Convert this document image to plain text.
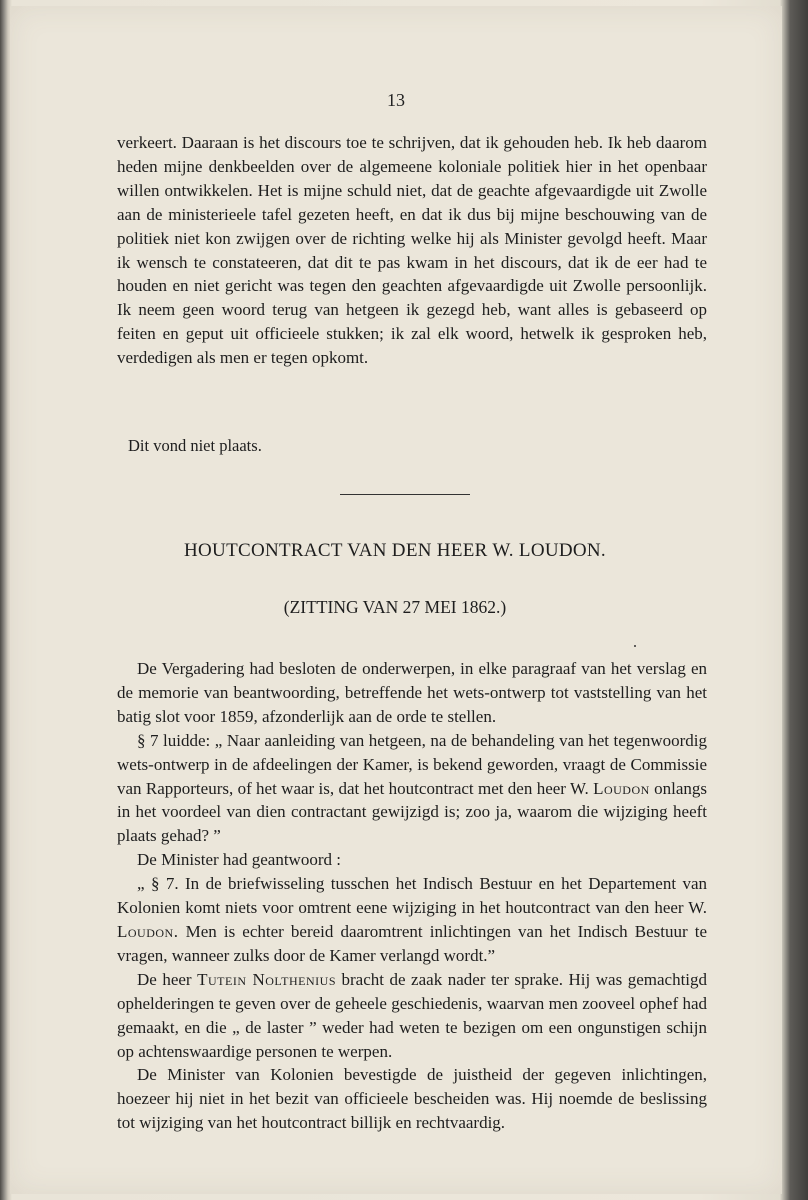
13

verkeert. Daaraan is het discours toe te schrijven, dat ik gehouden heb. Ik heb daarom heden mijne denkbeelden over de algemeene koloniale politiek hier in het openbaar willen ontwikkelen. Het is mijne schuld niet, dat de geachte afgevaardigde uit Zwolle aan de ministerieele tafel gezeten heeft, en dat ik dus bij mijne beschouwing van de politiek niet kon zwijgen over de richting welke hij als Minister gevolgd heeft. Maar ik wensch te constateeren, dat dit te pas kwam in het discours, dat ik de eer had te houden en niet gericht was tegen den geachten afgevaardigde uit Zwolle persoonlijk. Ik neem geen woord terug van hetgeen ik gezegd heb, want alles is gebaseerd op feiten en geput uit officieele stukken; ik zal elk woord, hetwelk ik gesproken heb, verdedigen als men er tegen opkomt.

Dit vond niet plaats.
HOUTCONTRACT VAN DEN HEER W. LOUDON.
(ZITTING VAN 27 MEI 1862.)

De Vergadering had besloten de onderwerpen, in elke paragraaf van het verslag en de memorie van beantwoording, betreffende het wets-ontwerp tot vaststelling van het batig slot voor 1859, afzonderlijk aan de orde te stellen.

§ 7 luidde: „ Naar aanleiding van hetgeen, na de behandeling van het tegenwoordig wets-ontwerp in de afdeelingen der Kamer, is bekend geworden, vraagt de Commissie van Rapporteurs, of het waar is, dat het houtcontract met den heer W. Loudon onlangs in het voordeel van dien contractant gewijzigd is; zoo ja, waarom die wijziging heeft plaats gehad? ”

De Minister had geantwoord :

„ § 7. In de briefwisseling tusschen het Indisch Bestuur en het Departement van Kolonien komt niets voor omtrent eene wijziging in het houtcontract van den heer W. Loudon. Men is echter bereid daaromtrent inlichtingen van het Indisch Bestuur te vragen, wanneer zulks door de Kamer verlangd wordt.”

De heer Tutein Nolthenius bracht de zaak nader ter sprake. Hij was gemachtigd ophelderingen te geven over de geheele geschiedenis, waarvan men zooveel ophef had gemaakt, en die „ de laster ” weder had weten te bezigen om een ongunstigen schijn op achtenswaardige personen te werpen.

De Minister van Kolonien bevestigde de juistheid der gegeven inlichtingen, hoezeer hij niet in het bezit van officieele bescheiden was. Hij noemde de beslissing tot wijziging van het houtcontract billijk en rechtvaardig.
